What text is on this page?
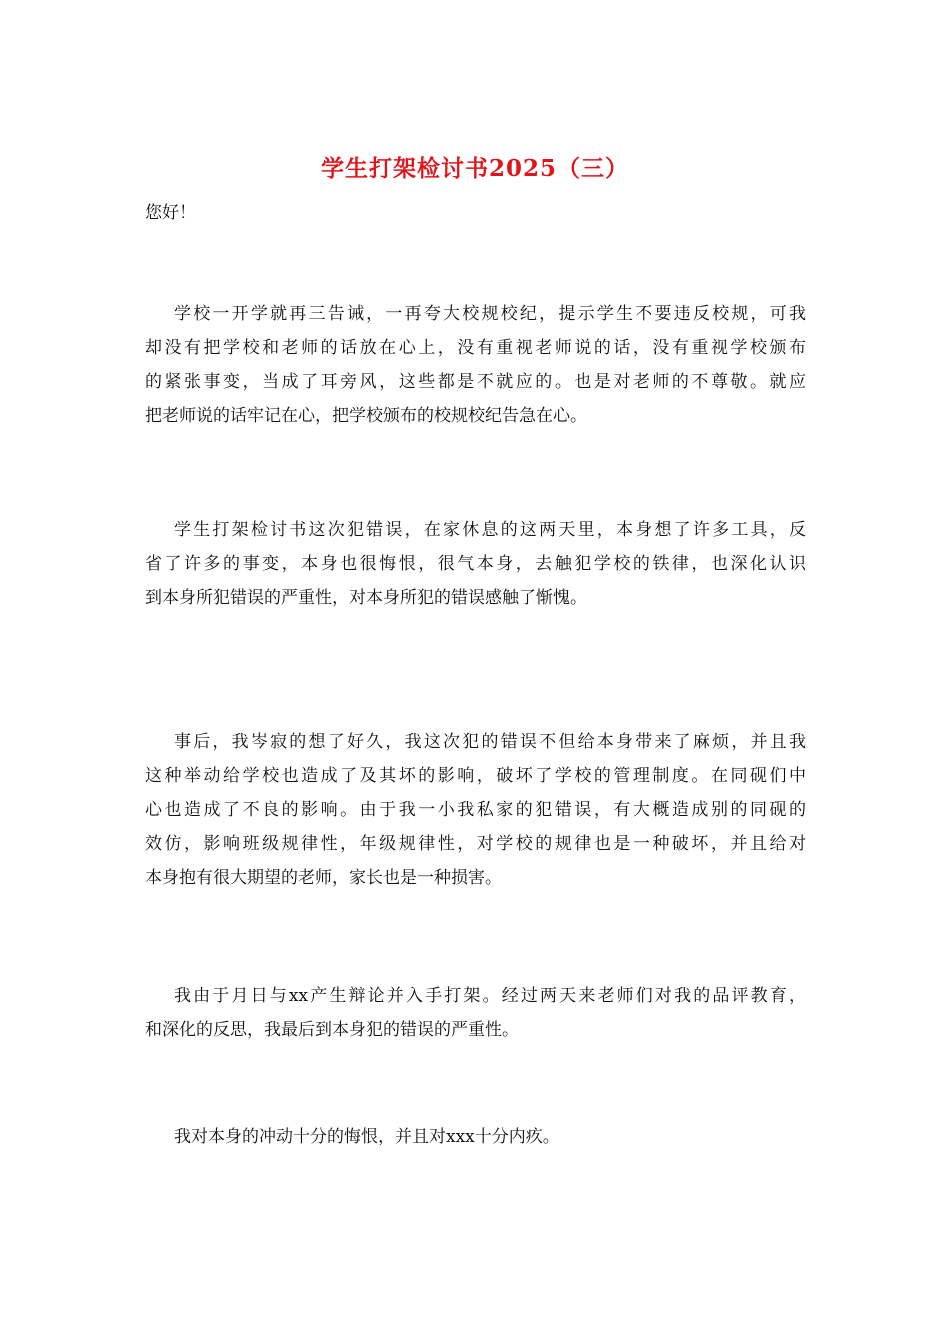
学生打架检讨书2025（三）
您好！
学校一开学就再三告诫，一再夸大校规校纪，提示学生不要违反校规，可我
却没有把学校和老师的话放在心上，没有重视老师说的话，没有重视学校颁布
的紧张事变，当成了耳旁风，这些都是不就应的。也是对老师的不尊敬。就应
把老师说的话牢记在心，把学校颁布的校规校纪告急在心。
学生打架检讨书这次犯错误，在家休息的这两天里，本身想了许多工具，反
省了许多的事变，本身也很悔恨，很气本身，去触犯学校的铁律，也深化认识
到本身所犯错误的严重性，对本身所犯的错误感触了惭愧。
事后，我岑寂的想了好久，我这次犯的错误不但给本身带来了麻烦，并且我
这种举动给学校也造成了及其坏的影响，破坏了学校的管理制度。在同砚们中
心也造成了不良的影响。由于我一小我私家的犯错误，有大概造成别的同砚的
效仿，影响班级规律性，年级规律性，对学校的规律也是一种破坏，并且给对
本身抱有很大期望的老师，家长也是一种损害。
我由于月日与xx产生辩论并入手打架。经过两天来老师们对我的品评教育，
和深化的反思，我最后到本身犯的错误的严重性。
我对本身的冲动十分的悔恨，并且对xxx十分内疚。
